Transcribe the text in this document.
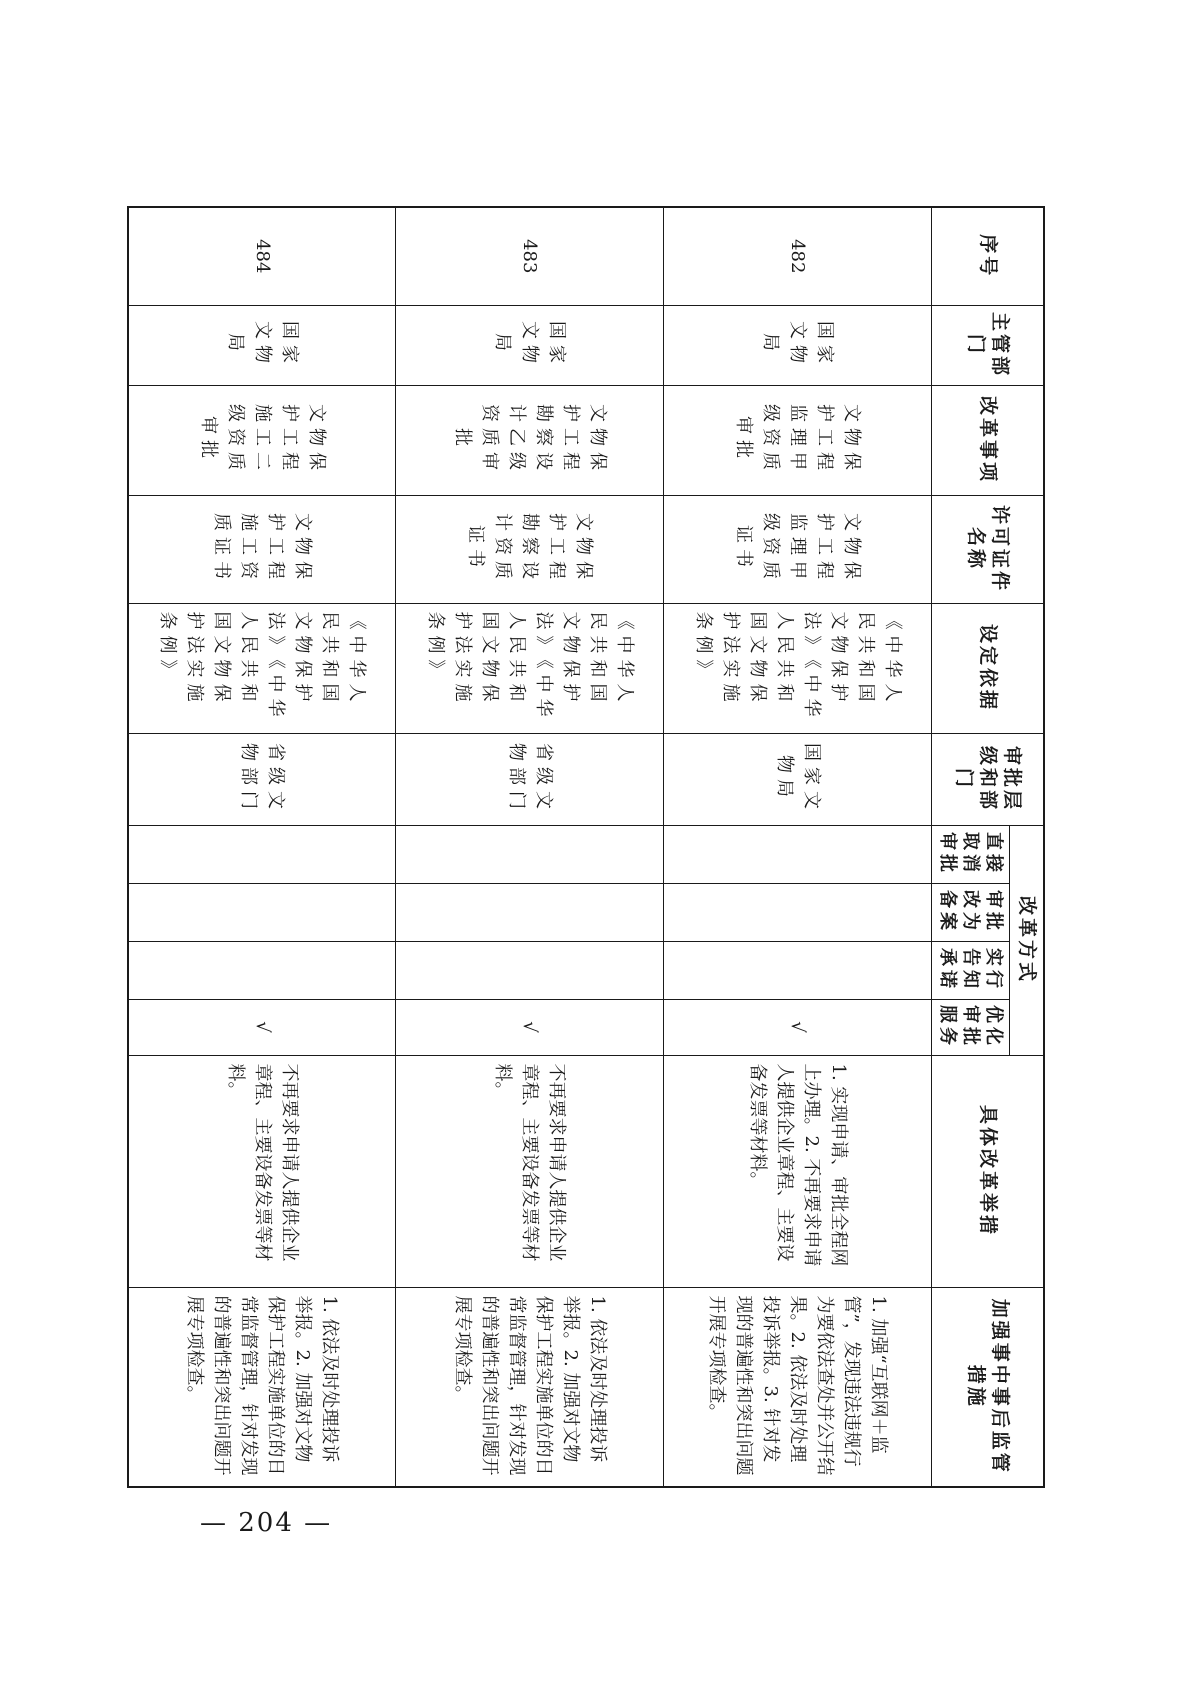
序号	主管部门	改革事项	许可证件名称	设定依据	审批层级和部门	改革方式				具体改革举措	加强事中事后监管措施
						直接取消审批	审批改为备案	实行告知承诺	优化审批服务		
482	国家文物局	文物保护工程监理甲级资质审批	文物保护工程监理甲级资质证书	《中华人民共和国文物保护法》《中华人民共和国文物保护法实施条例》	国家文物局				√	1. 实现申请、审批全程网上办理。2. 不再要求申请人提供企业章程、主要设备发票等材料。	1. 加强“互联网＋监管”，发现违法违规行为要依法查处并公开结果。2. 依法及时处理投诉举报。3. 针对发现的普遍性和突出问题开展专项检查。
483	国家文物局	文物保护工程勘察设计乙级资质审批	文物保护工程勘察设计资质证书	《中华人民共和国文物保护法》《中华人民共和国文物保护法实施条例》	省级文物部门				√	不再要求申请人提供企业章程、主要设备发票等材料。	1. 依法及时处理投诉举报。2. 加强对文物保护工程实施单位的日常监督管理，针对发现的普遍性和突出问题开展专项检查。
484	国家文物局	文物保护工程施工二级资质审批	文物保护工程施工资质证书	《中华人民共和国文物保护法》《中华人民共和国文物保护法实施条例》	省级文物部门				√	不再要求申请人提供企业章程、主要设备发票等材料。	1. 依法及时处理投诉举报。2. 加强对文物保护工程实施单位的日常监督管理，针对发现的普遍性和突出问题开展专项检查。
— 204 —
